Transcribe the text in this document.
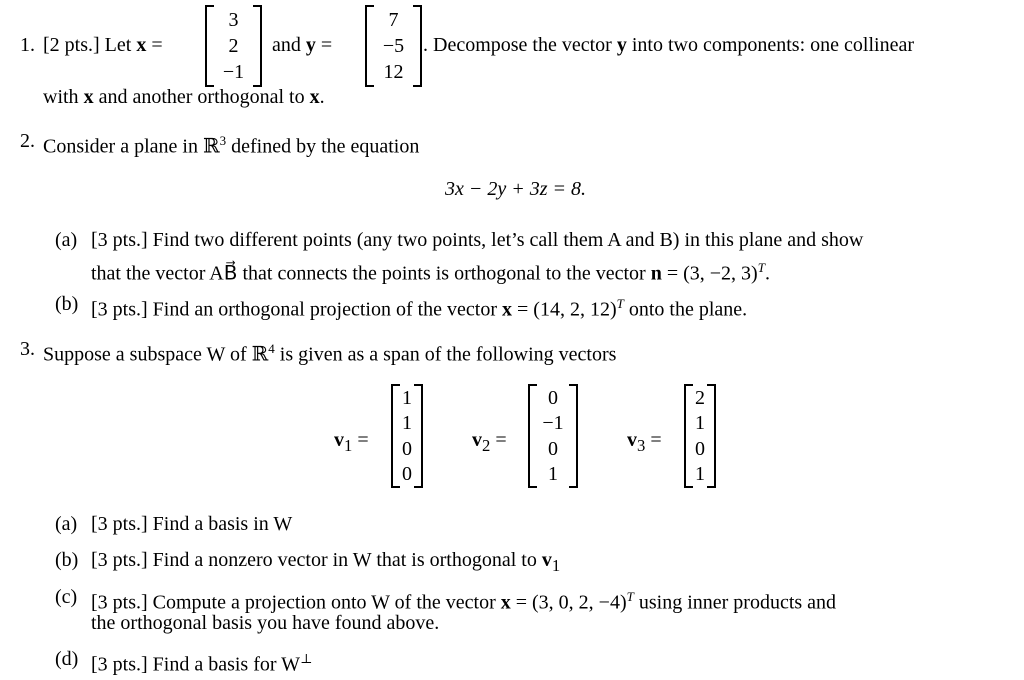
1. [2 pts.] Let x =
3
2
−1
and y =
7
−5
12
. Decompose the vector y into two components: one collinear
with x and another orthogonal to x.
2. Consider a plane in ℝ$^3$ defined by the equation
3x − 2y + 3z = 8.
(a) [3 pts.] Find two different points (any two points, let’s call them A and B) in this plane and show
that the vector AB⃗ that connects the points is orthogonal to the vector n = (3, −2, 3)$^T$.
(b) [3 pts.] Find an orthogonal projection of the vector x = (14, 2, 12)$^T$ onto the plane.
3. Suppose a subspace W of ℝ$^4$ is given as a span of the following vectors
$v_1$ =
1
1
0
0
$v_2$ =
0
−1
0
1
$v_3$ =
2
1
0
1
(a) [3 pts.] Find a basis in W
(b) [3 pts.] Find a nonzero vector in W that is orthogonal to $v_1$
(c) [3 pts.] Compute a projection onto W of the vector x = (3, 0, 2, −4)$^T$ using inner products and
the orthogonal basis you have found above.
(d) [3 pts.] Find a basis for W⊥
